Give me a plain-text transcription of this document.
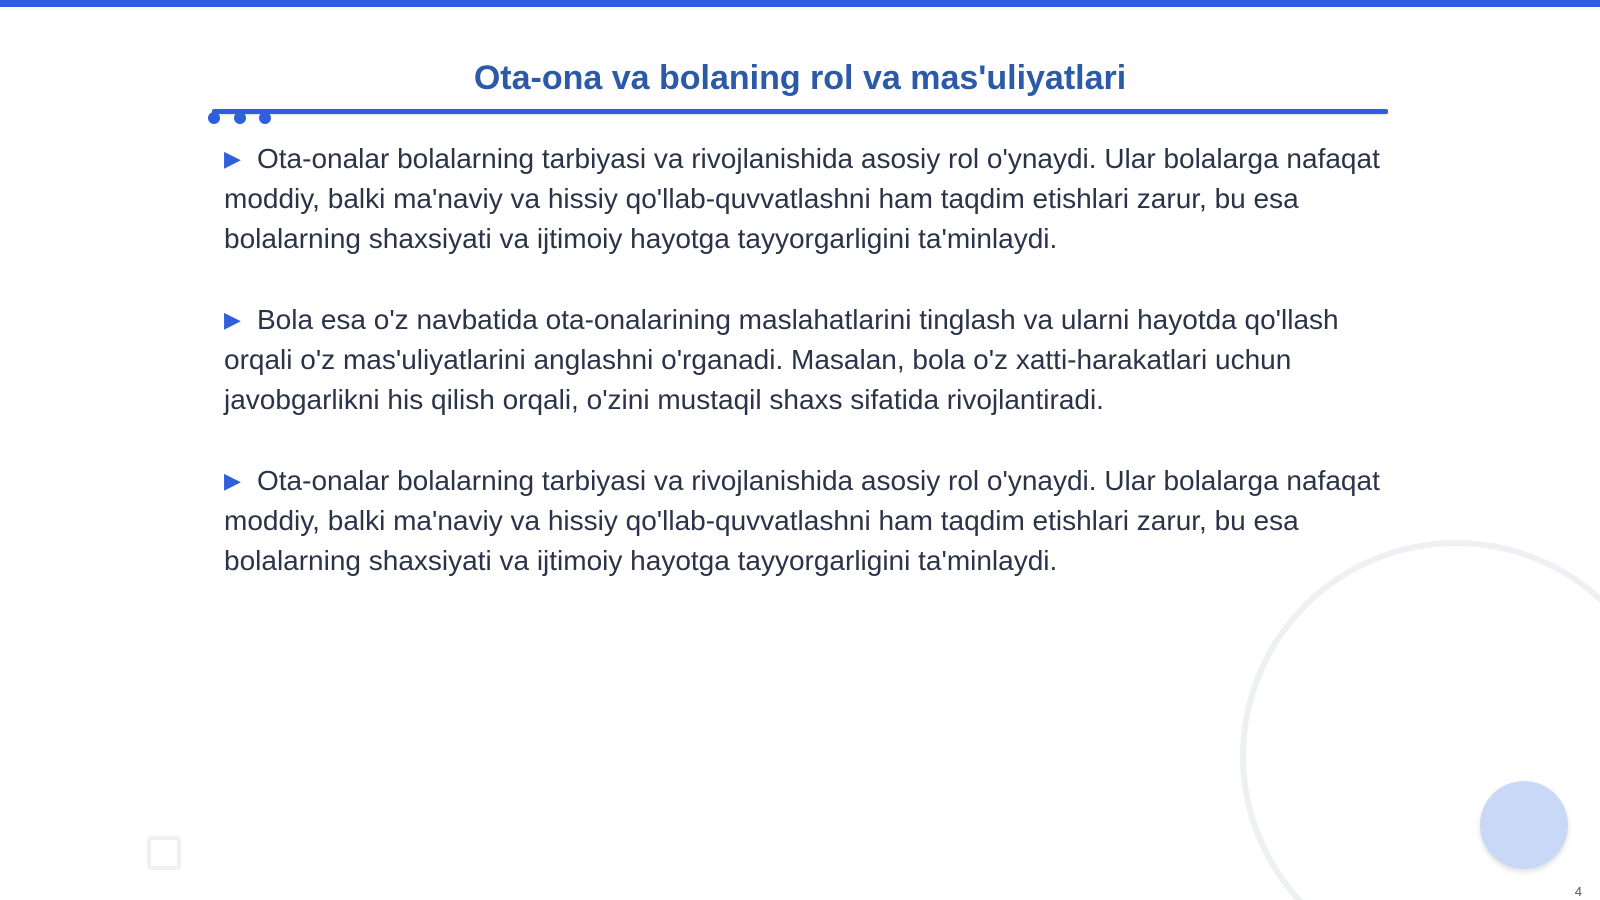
Ota-ona va bolaning rol va mas'uliyatlari

▶ Ota-onalar bolalarning tarbiyasi va rivojlanishida asosiy rol o'ynaydi. Ular bolalarga nafaqat moddiy, balki ma'naviy va hissiy qo'llab-quvvatlashni ham taqdim etishlari zarur, bu esa bolalarning shaxsiyati va ijtimoiy hayotga tayyorgarligini ta'minlaydi.

▶ Bola esa o'z navbatida ota-onalarining maslahatlarini tinglash va ularni hayotda qo'llash orqali o'z mas'uliyatlarini anglashni o'rganadi. Masalan, bola o'z xatti-harakatlari uchun javobgarlikni his qilish orqali, o'zini mustaqil shaxs sifatida rivojlantiradi.

▶ Ota-onalar bolalarning tarbiyasi va rivojlanishida asosiy rol o'ynaydi. Ular bolalarga nafaqat moddiy, balki ma'naviy va hissiy qo'llab-quvvatlashni ham taqdim etishlari zarur, bu esa bolalarning shaxsiyati va ijtimoiy hayotga tayyorgarligini ta'minlaydi.

4
